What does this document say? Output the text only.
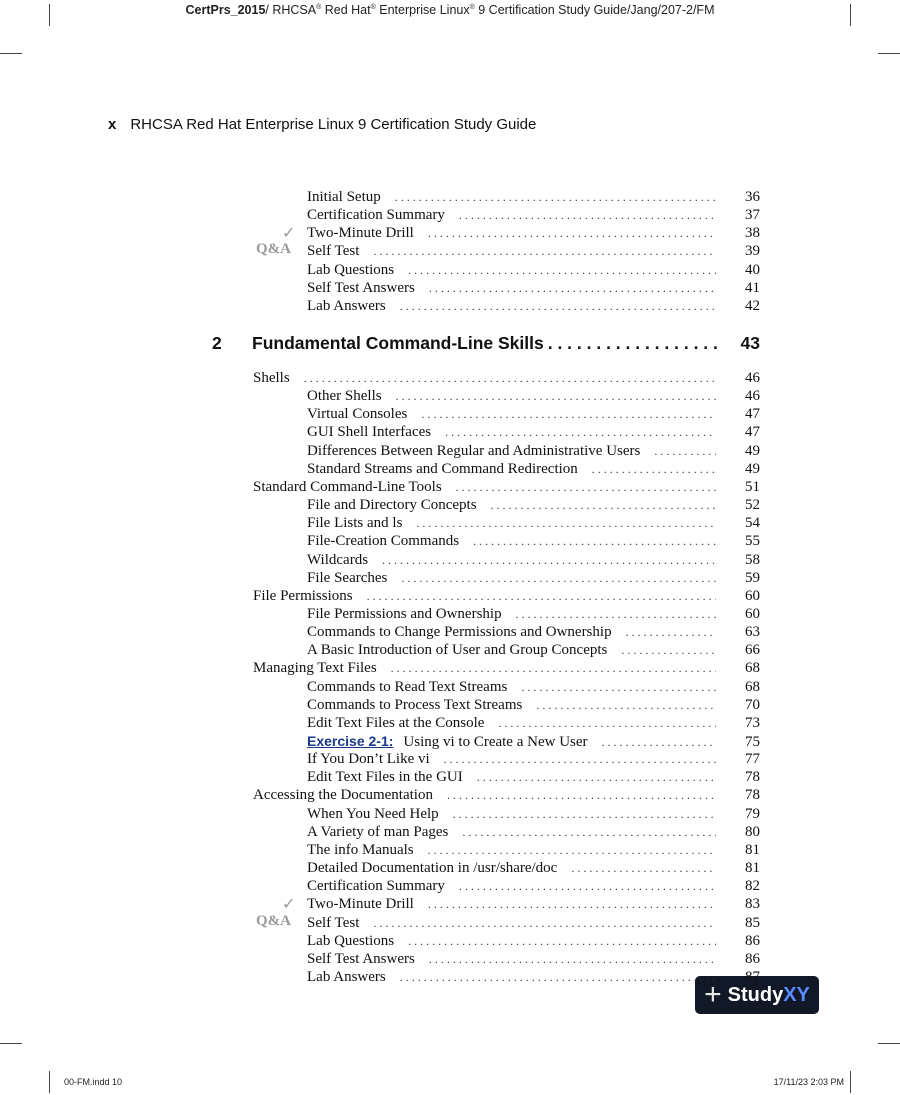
CertPrs_2015/ RHCSA® Red Hat® Enterprise Linux® 9 Certification Study Guide/Jang/207-2/FM
x RHCSA Red Hat Enterprise Linux 9 Certification Study Guide
+ Study XY
00-FM.indd 10	17/11/23 2:03 PM
Initial Setup . . .	36
Certification Summary . . .	37
Two-Minute Drill . . .	38
✓
Self Test . . .	39
Q&A
Lab Questions . . .	40
Self Test Answers . . .	41
Lab Answers . . .	42
2	Fundamental Command-Line Skills . . .	43
Shells . . .	46
Other Shells . . .	46
Virtual Consoles . . .	47
GUI Shell Interfaces . . .	47
Differences Between Regular and Administrative Users . . .	49
Standard Streams and Command Redirection . . .	49
Standard Command-Line Tools . . .	51
File and Directory Concepts . . .	52
File Lists and ls . . .	54
File-Creation Commands . . .	55
Wildcards . . .	58
File Searches . . .	59
File Permissions . . .	60
File Permissions and Ownership . . .	60
Commands to Change Permissions and Ownership . . .	63
A Basic Introduction of User and Group Concepts . . .	66
Managing Text Files . . .	68
Commands to Read Text Streams . . .	68
Commands to Process Text Streams . . .	70
Edit Text Files at the Console . . .	73
Exercise 2-1: Using vi to Create a New User . . .	75
If You Don’t Like vi . . .	77
Edit Text Files in the GUI . . .	78
Accessing the Documentation . . .	78
When You Need Help . . .	79
A Variety of man Pages . . .	80
The info Manuals . . .	81
Detailed Documentation in /usr/share/doc . . .	81
Certification Summary . . .	82
Two-Minute Drill . . .	83
✓
Self Test . . .	85
Q&A
Lab Questions . . .	86
Self Test Answers . . .	86
Lab Answers . . .	87
